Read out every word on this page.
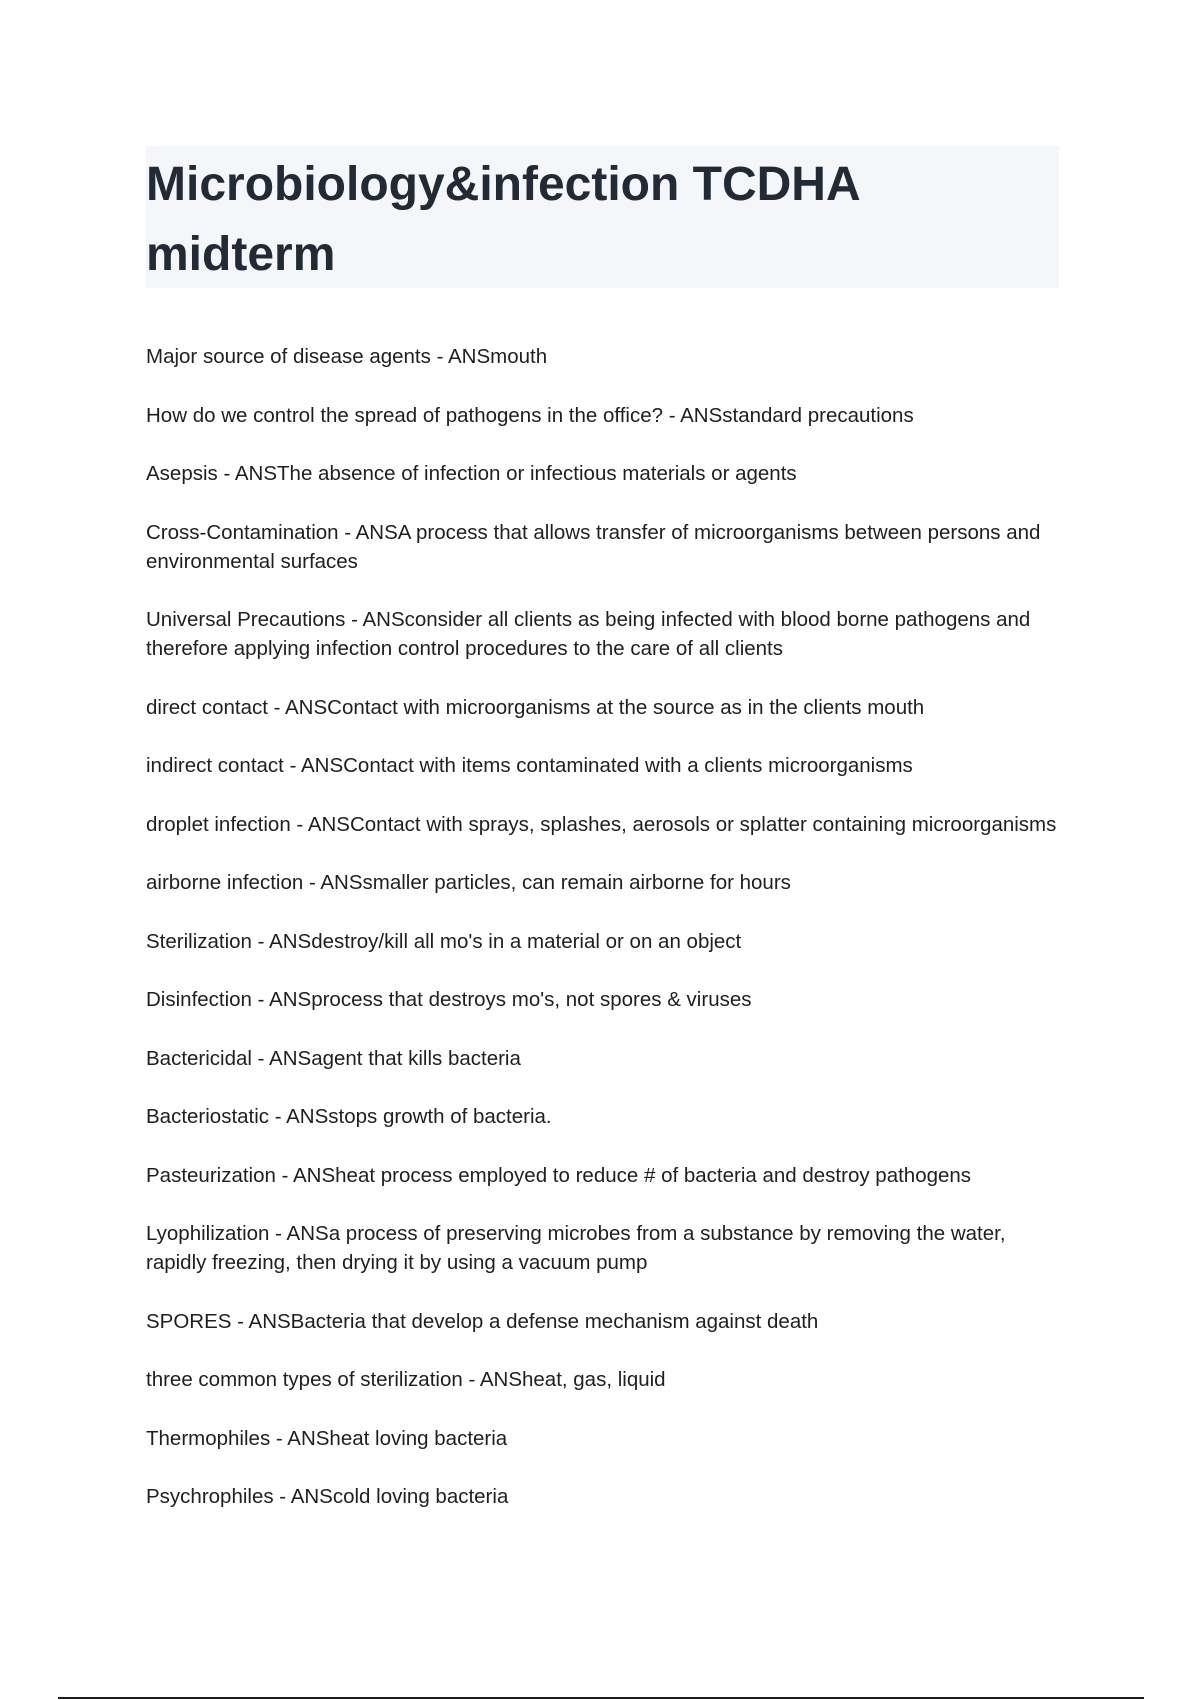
Microbiology&infection TCDHA midterm
Major source of disease agents - ANSmouth
How do we control the spread of pathogens in the office? - ANSstandard precautions
Asepsis - ANSThe absence of infection or infectious materials or agents
Cross-Contamination - ANSA process that allows transfer of microorganisms between persons and environmental surfaces
Universal Precautions - ANSconsider all clients as being infected with blood borne pathogens and therefore applying infection control procedures to the care of all clients
direct contact - ANSContact with microorganisms at the source as in the clients mouth
indirect contact - ANSContact with items contaminated with a clients microorganisms
droplet infection - ANSContact with sprays, splashes, aerosols or splatter containing microorganisms
airborne infection - ANSsmaller particles, can remain airborne for hours
Sterilization - ANSdestroy/kill all mo's in a material or on an object
Disinfection - ANSprocess that destroys mo's, not spores & viruses
Bactericidal - ANSagent that kills bacteria
Bacteriostatic - ANSstops growth of bacteria.
Pasteurization - ANSheat process employed to reduce # of bacteria and destroy pathogens
Lyophilization - ANSa process of preserving microbes from a substance by removing the water, rapidly freezing, then drying it by using a vacuum pump
SPORES - ANSBacteria that develop a defense mechanism against death
three common types of sterilization - ANSheat, gas, liquid
Thermophiles - ANSheat loving bacteria
Psychrophiles - ANScold loving bacteria
